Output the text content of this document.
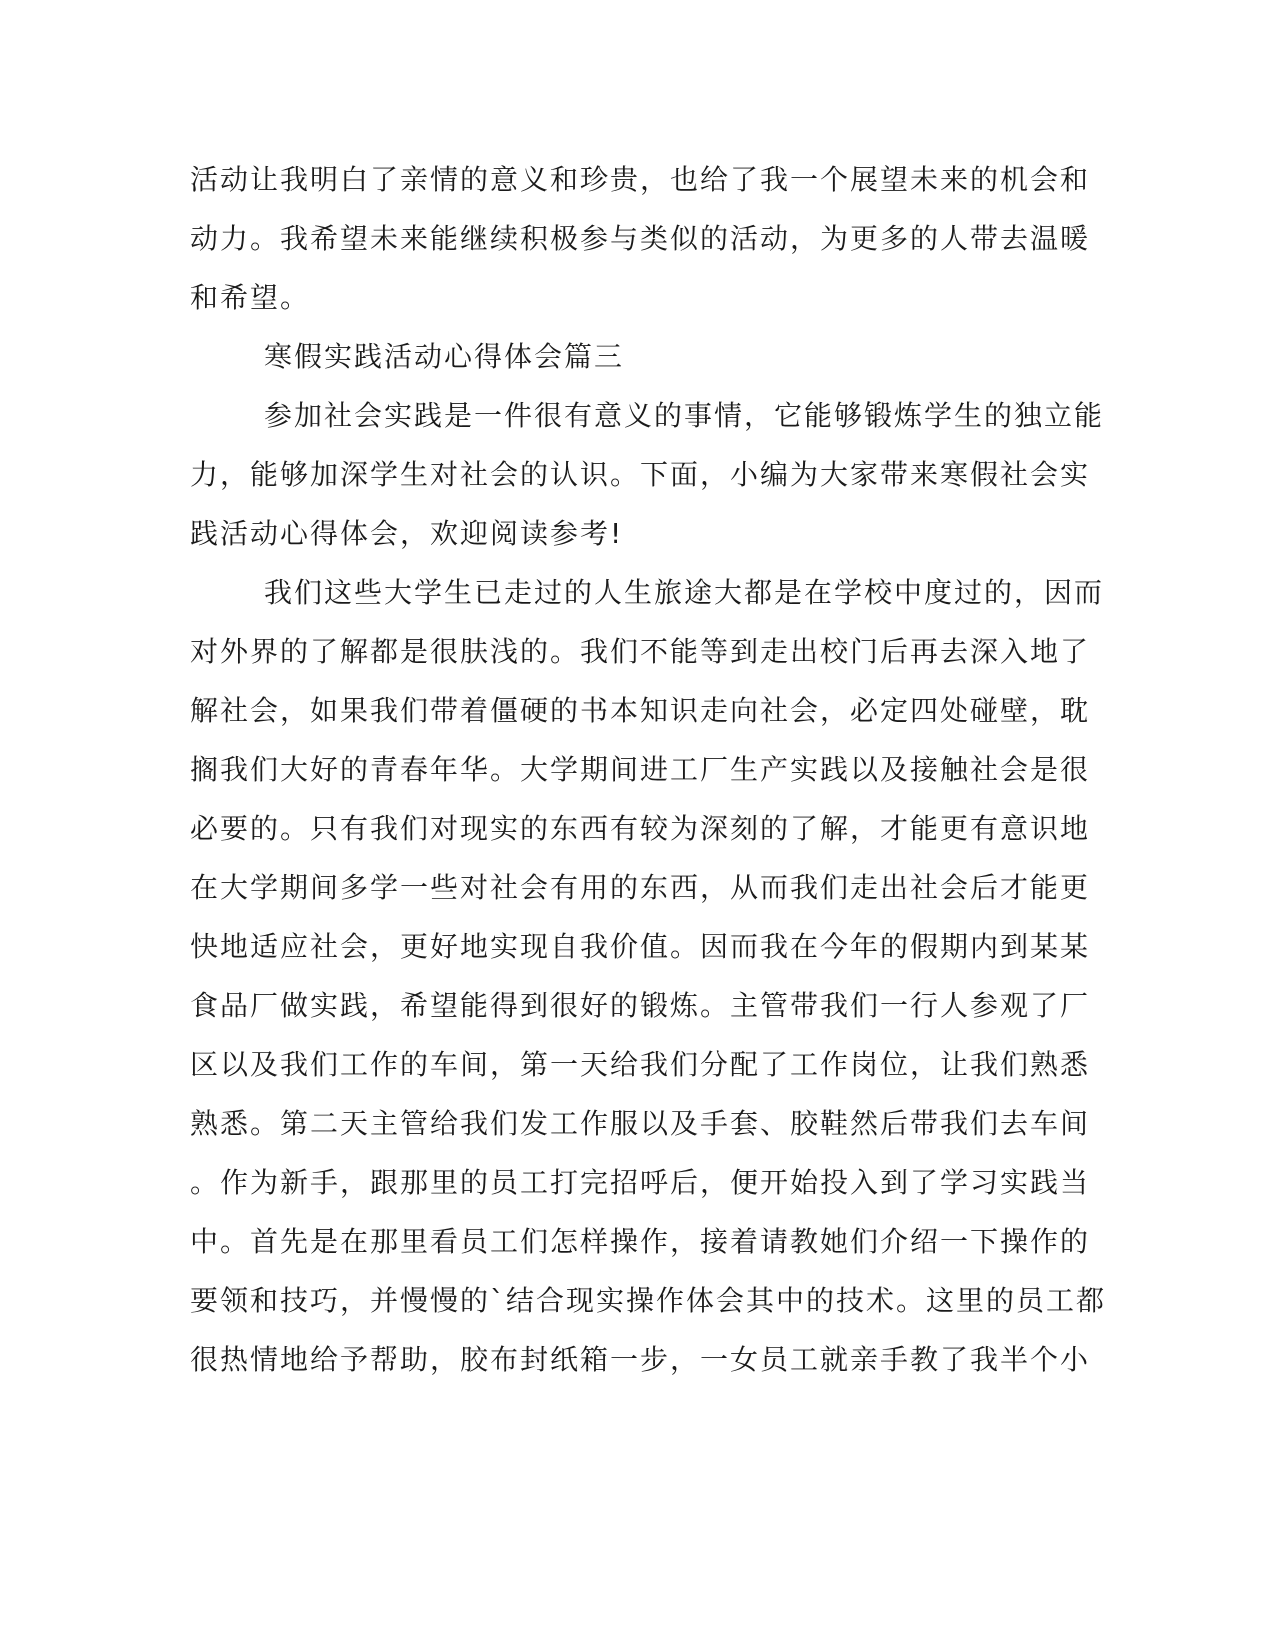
活动让我明白了亲情的意义和珍贵，也给了我一个展望未来的机会和
动力。我希望未来能继续积极参与类似的活动，为更多的人带去温暖
和希望。
寒假实践活动心得体会篇三
参加社会实践是一件很有意义的事情，它能够锻炼学生的独立能
力，能够加深学生对社会的认识。下面，小编为大家带来寒假社会实
践活动心得体会，欢迎阅读参考!
我们这些大学生已走过的人生旅途大都是在学校中度过的，因而
对外界的了解都是很肤浅的。我们不能等到走出校门后再去深入地了
解社会，如果我们带着僵硬的书本知识走向社会，必定四处碰壁，耽
搁我们大好的青春年华。大学期间进工厂生产实践以及接触社会是很
必要的。只有我们对现实的东西有较为深刻的了解，才能更有意识地
在大学期间多学一些对社会有用的东西，从而我们走出社会后才能更
快地适应社会，更好地实现自我价值。因而我在今年的假期内到某某
食品厂做实践，希望能得到很好的锻炼。主管带我们一行人参观了厂
区以及我们工作的车间，第一天给我们分配了工作岗位，让我们熟悉
熟悉。第二天主管给我们发工作服以及手套、胶鞋然后带我们去车间
。作为新手，跟那里的员工打完招呼后，便开始投入到了学习实践当
中。首先是在那里看员工们怎样操作，接着请教她们介绍一下操作的
要领和技巧，并慢慢的`结合现实操作体会其中的技术。这里的员工都
很热情地给予帮助，胶布封纸箱一步，一女员工就亲手教了我半个小
